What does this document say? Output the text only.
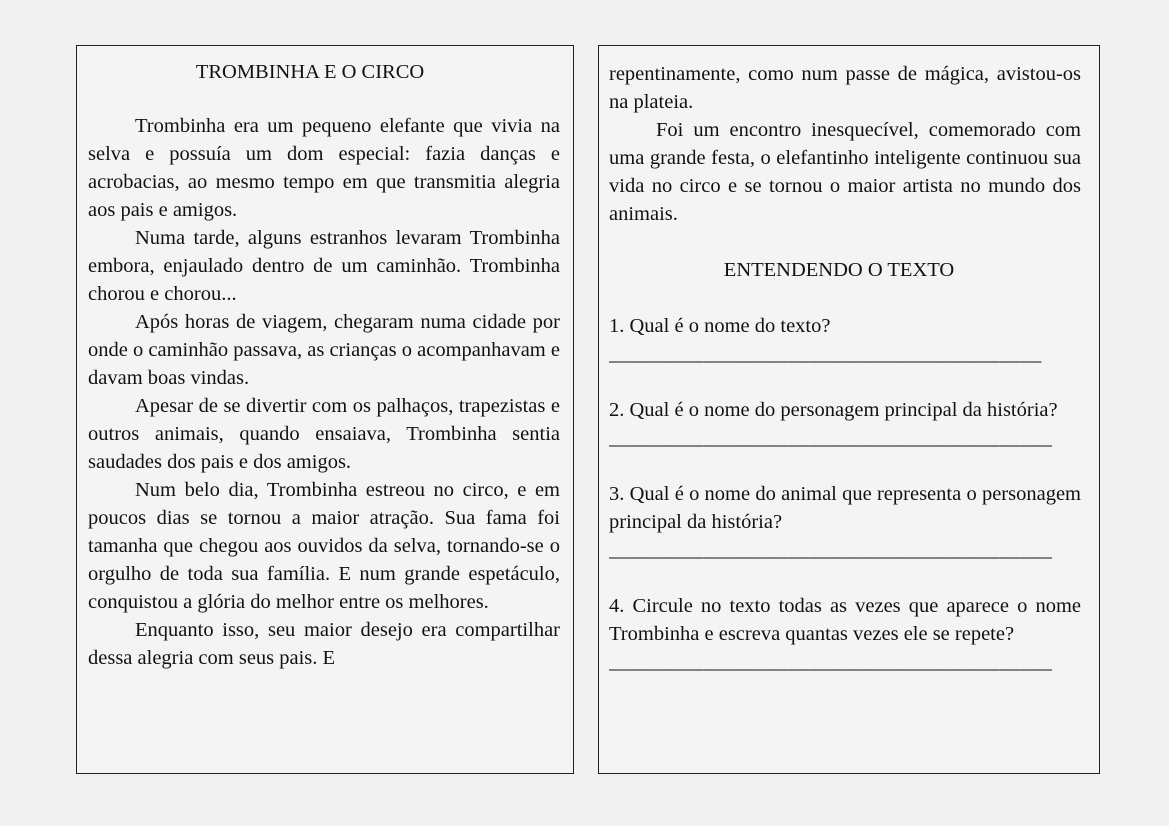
TROMBINHA E O CIRCO

Trombinha era um pequeno elefante que vivia na selva e possuía um dom especial: fazia danças e acrobacias, ao mesmo tempo em que transmitia alegria aos pais e amigos.

Numa tarde, alguns estranhos levaram Trombinha embora, enjaulado dentro de um caminhão. Trombinha chorou e chorou...

Após horas de viagem, chegaram numa cidade por onde o caminhão passava, as crianças o acompanhavam e davam boas vindas.

Apesar de se divertir com os palhaços, trapezistas e outros animais, quando ensaiava, Trombinha sentia saudades dos pais e dos amigos.

Num belo dia, Trombinha estreou no circo, e em poucos dias se tornou a maior atração. Sua fama foi tamanha que chegou aos ouvidos da selva, tornando-se o orgulho de toda sua família. E num grande espetáculo, conquistou a glória do melhor entre os melhores.

Enquanto isso, seu maior desejo era compartilhar dessa alegria com seus pais. E

repentinamente, como num passe de mágica, avistou-os na plateia.

Foi um encontro inesquecível, comemorado com uma grande festa, o elefantinho inteligente continuou sua vida no circo e se tornou o maior artista no mundo dos animais.

ENTENDENDO O TEXTO

1. Qual é o nome do texto?

_________________________________________

2. Qual é o nome do personagem principal da história?

__________________________________________

3. Qual é o nome do animal que representa o personagem principal da história?

__________________________________________

4. Circule no texto todas as vezes que aparece o nome Trombinha e escreva quantas vezes ele se repete?

__________________________________________
